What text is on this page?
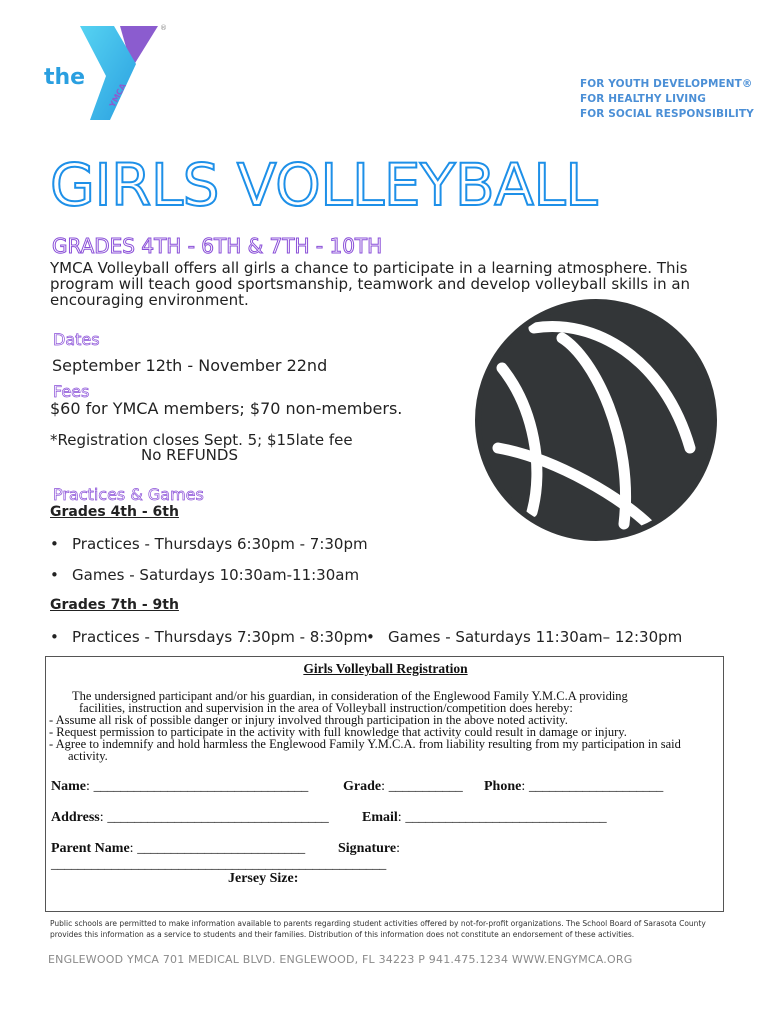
the
YMCA
®
FOR YOUTH DEVELOPMENT®
FOR HEALTHY LIVING
FOR SOCIAL RESPONSIBILITY
GIRLS VOLLEYBALL
GRADES 4TH - 6TH & 7TH - 10TH
YMCA Volleyball offers all girls a chance to participate in a learning atmosphere. This program will teach good sportsmanship, teamwork and develop volleyball skills in an encouraging environment.
Dates
September 12th - November 22nd
Fees
$60 for YMCA members; $70 non-members.
*Registration closes Sept. 5; $15late fee
No REFUNDS
Practices & Games
Grades 4th - 6th
• Practices - Thursdays 6:30pm - 7:30pm
• Games - Saturdays 10:30am-11:30am
Grades 7th - 9th
• Practices - Thursdays 7:30pm - 8:30pm
• Games - Saturdays 11:30am– 12:30pm
Girls Volleyball Registration
The undersigned participant and/or his guardian, in consideration of the Englewood Family Y.M.C.A providing
facilities, instruction and supervision in the area of Volleyball instruction/competition does hereby:
- Assume all risk of possible danger or injury involved through participation in the above noted activity.
- Request permission to participate in the activity with full knowledge that activity could result in damage or injury.
- Agree to indemnify and hold harmless the Englewood Family Y.M.C.A. from liability resulting from my participation in said
activity.
Name: ________________________________	Grade: ___________ Phone: ____________________
Address: _________________________________ Email: ______________________________
Parent Name: _________________________ Signature:
__________________________________________________
Jersey Size:
Public schools are permitted to make information available to parents regarding student activities offered by not-for-profit organizations. The School Board of Sarasota County provides this information as a service to students and their families. Distribution of this information does not constitute an endorsement of these activities.
ENGLEWOOD YMCA 701 MEDICAL BLVD. ENGLEWOOD, FL 34223 P 941.475.1234 WWW.ENGYMCA.ORG
